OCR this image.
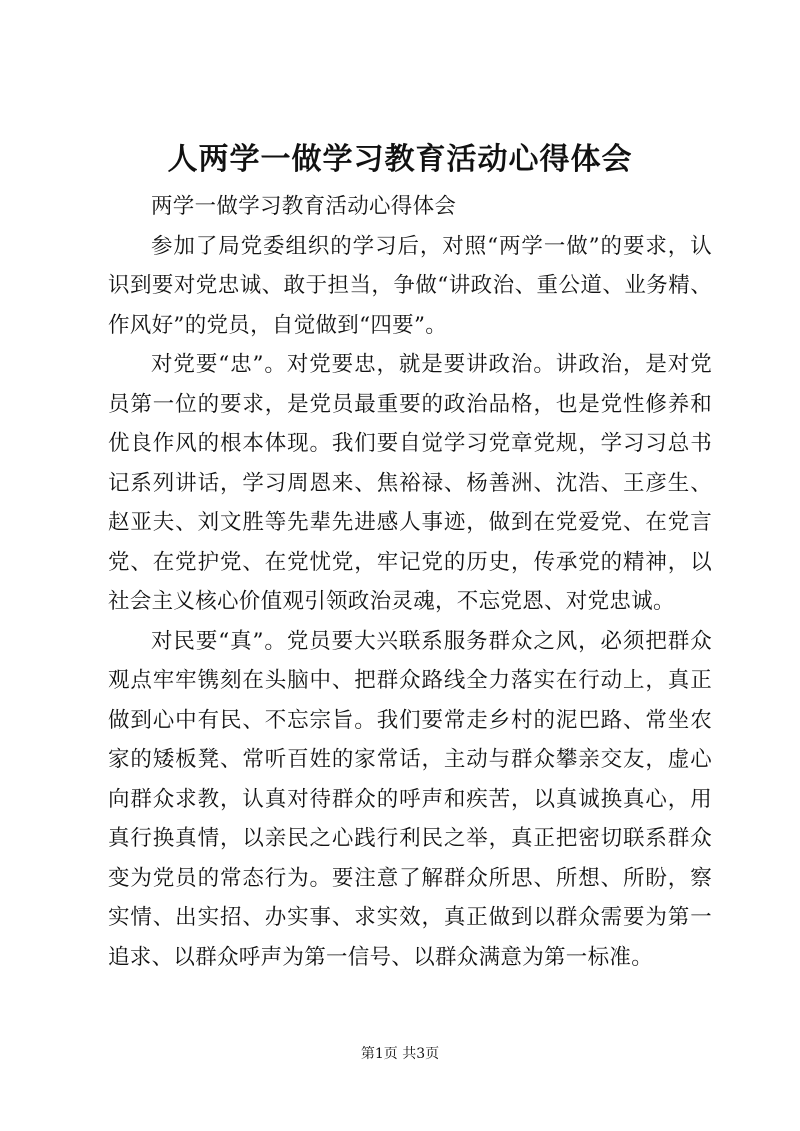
人两学一做学习教育活动心得体会

两学一做学习教育活动心得体会

参加了局党委组织的学习后，对照“两学一做”的要求，认识到要对党忠诚、敢于担当，争做“讲政治、重公道、业务精、作风好”的党员，自觉做到“四要”。

对党要“忠”。对党要忠，就是要讲政治。讲政治，是对党员第一位的要求，是党员最重要的政治品格，也是党性修养和优良作风的根本体现。我们要自觉学习党章党规，学习习总书记系列讲话，学习周恩来、焦裕禄、杨善洲、沈浩、王彦生、赵亚夫、刘文胜等先辈先进感人事迹，做到在党爱党、在党言党、在党护党、在党忧党，牢记党的历史，传承党的精神，以社会主义核心价值观引领政治灵魂，不忘党恩、对党忠诚。

对民要“真”。党员要大兴联系服务群众之风，必须把群众观点牢牢镌刻在头脑中、把群众路线全力落实在行动上，真正做到心中有民、不忘宗旨。我们要常走乡村的泥巴路、常坐农家的矮板凳、常听百姓的家常话，主动与群众攀亲交友，虚心向群众求教，认真对待群众的呼声和疾苦，以真诚换真心，用真行换真情，以亲民之心践行利民之举，真正把密切联系群众变为党员的常态行为。要注意了解群众所思、所想、所盼，察实情、出实招、办实事、求实效，真正做到以群众需要为第一追求、以群众呼声为第一信号、以群众满意为第一标准。

第1页 共3页
